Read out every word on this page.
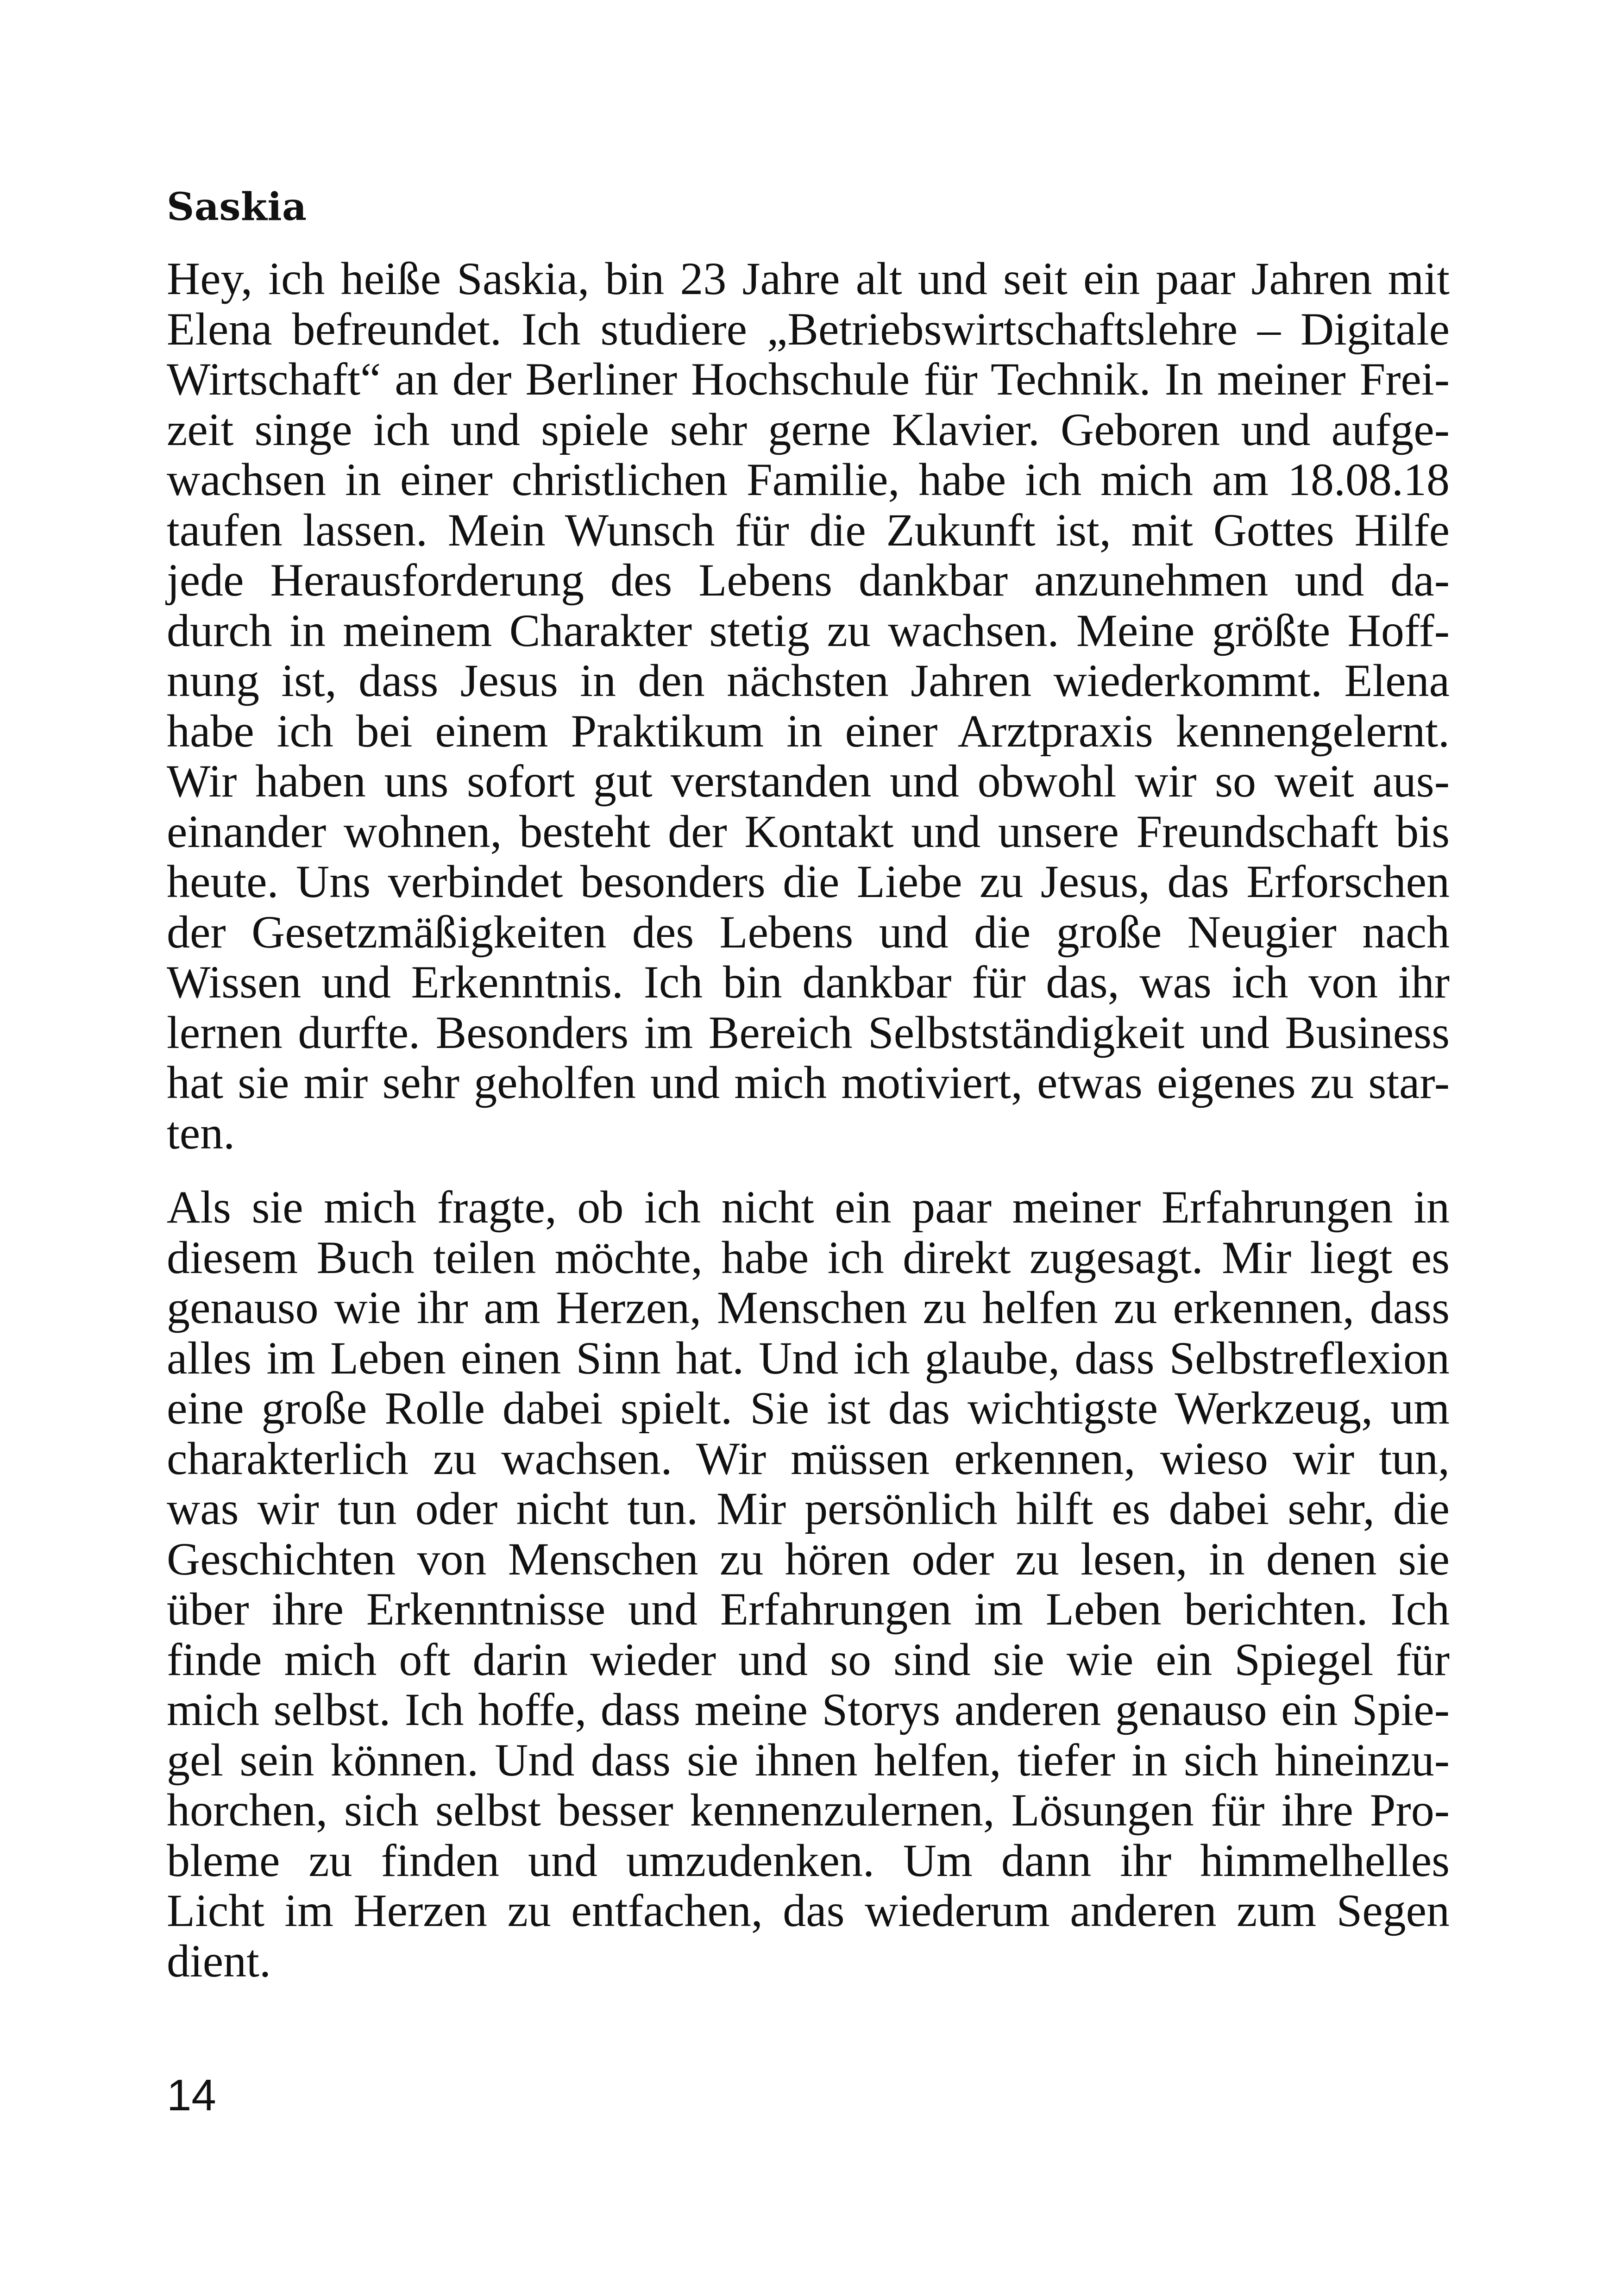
Saskia

Hey, ich heiße Saskia, bin 23 Jahre alt und seit ein paar Jahren mit
Elena befreundet. Ich studiere „Betriebswirtschaftslehre – Digitale
Wirtschaft“ an der Berliner Hochschule für Technik. In meiner Frei-
zeit singe ich und spiele sehr gerne Klavier. Geboren und aufge-
wachsen in einer christlichen Familie, habe ich mich am 18.08.18
taufen lassen. Mein Wunsch für die Zukunft ist, mit Gottes Hilfe
jede Herausforderung des Lebens dankbar anzunehmen und da-
durch in meinem Charakter stetig zu wachsen. Meine größte Hoff-
nung ist, dass Jesus in den nächsten Jahren wiederkommt. Elena
habe ich bei einem Praktikum in einer Arztpraxis kennengelernt.
Wir haben uns sofort gut verstanden und obwohl wir so weit aus-
einander wohnen, besteht der Kontakt und unsere Freundschaft bis
heute. Uns verbindet besonders die Liebe zu Jesus, das Erforschen
der Gesetzmäßigkeiten des Lebens und die große Neugier nach
Wissen und Erkenntnis. Ich bin dankbar für das, was ich von ihr
lernen durfte. Besonders im Bereich Selbstständigkeit und Business
hat sie mir sehr geholfen und mich motiviert, etwas eigenes zu star-
ten.

Als sie mich fragte, ob ich nicht ein paar meiner Erfahrungen in
diesem Buch teilen möchte, habe ich direkt zugesagt. Mir liegt es
genauso wie ihr am Herzen, Menschen zu helfen zu erkennen, dass
alles im Leben einen Sinn hat. Und ich glaube, dass Selbstreflexion
eine große Rolle dabei spielt. Sie ist das wichtigste Werkzeug, um
charakterlich zu wachsen. Wir müssen erkennen, wieso wir tun,
was wir tun oder nicht tun. Mir persönlich hilft es dabei sehr, die
Geschichten von Menschen zu hören oder zu lesen, in denen sie
über ihre Erkenntnisse und Erfahrungen im Leben berichten. Ich
finde mich oft darin wieder und so sind sie wie ein Spiegel für
mich selbst. Ich hoffe, dass meine Storys anderen genauso ein Spie-
gel sein können. Und dass sie ihnen helfen, tiefer in sich hineinzu-
horchen, sich selbst besser kennenzulernen, Lösungen für ihre Pro-
bleme zu finden und umzudenken. Um dann ihr himmelhelles
Licht im Herzen zu entfachen, das wiederum anderen zum Segen
dient.

14
